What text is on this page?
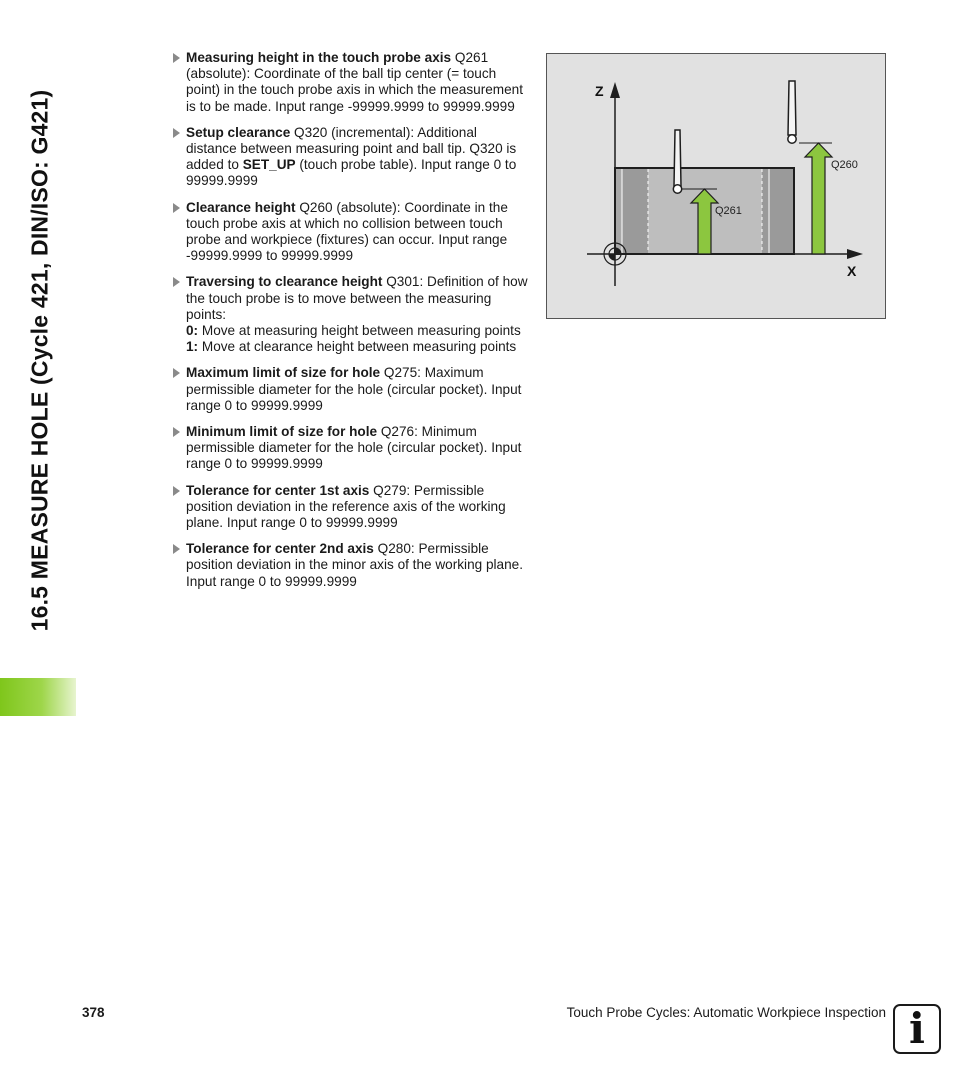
16.5 MEASURE HOLE (Cycle 421, DIN/ISO: G421)
Measuring height in the touch probe axis Q261 (absolute): Coordinate of the ball tip center (= touch point) in the touch probe axis in which the measurement is to be made. Input range -99999.9999 to 99999.9999
Setup clearance Q320 (incremental): Additional distance between measuring point and ball tip. Q320 is added to SET_UP (touch probe table). Input range 0 to 99999.9999
Clearance height Q260 (absolute): Coordinate in the touch probe axis at which no collision between touch probe and workpiece (fixtures) can occur. Input range -99999.9999 to 99999.9999
Traversing to clearance height Q301: Definition of how the touch probe is to move between the measuring points:
0: Move at measuring height between measuring points
1: Move at clearance height between measuring points
Maximum limit of size for hole Q275: Maximum permissible diameter for the hole (circular pocket). Input range 0 to 99999.9999
Minimum limit of size for hole Q276: Minimum permissible diameter for the hole (circular pocket). Input range 0 to 99999.9999
Tolerance for center 1st axis Q279: Permissible position deviation in the reference axis of the working plane. Input range 0 to 99999.9999
Tolerance for center 2nd axis Q280: Permissible position deviation in the minor axis of the working plane. Input range 0 to 99999.9999
Z
X
Q261
Q260
378	Touch Probe Cycles: Automatic Workpiece Inspection i
